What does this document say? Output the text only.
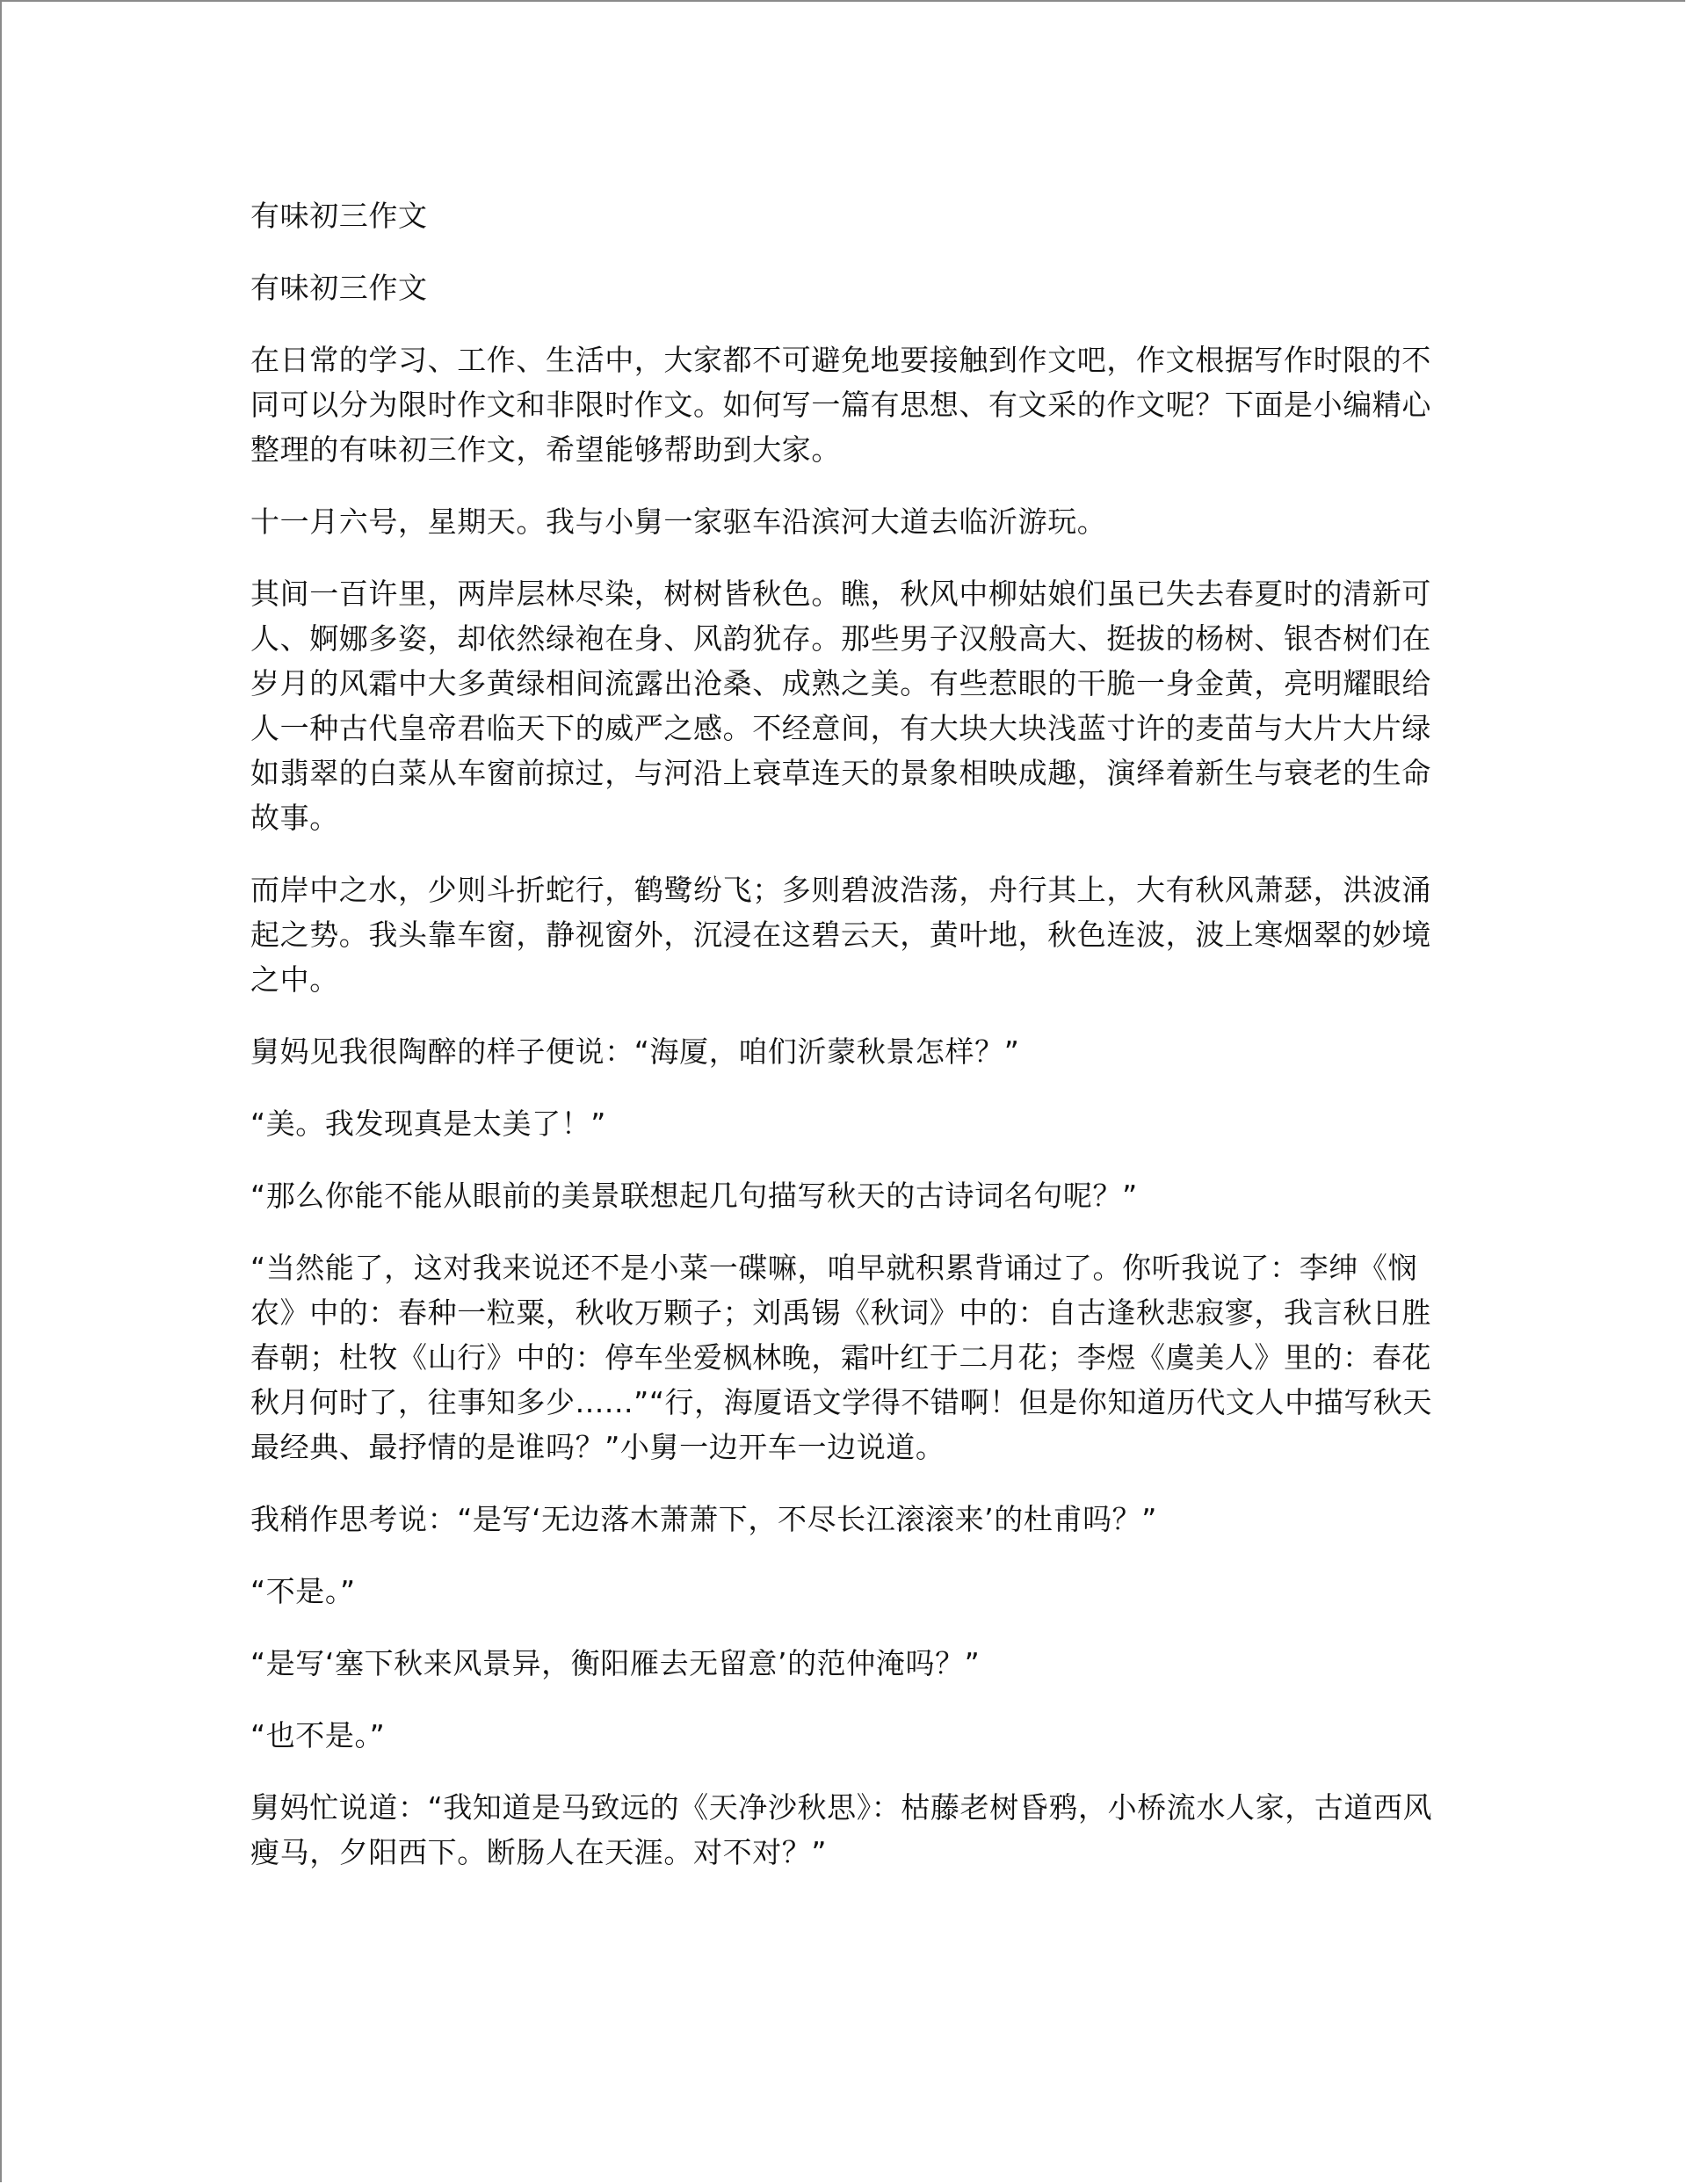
有味初三作文

有味初三作文

在日常的学习、工作、生活中，大家都不可避免地要接触到作文吧，作文根据写作时限的不同可以分为限时作文和非限时作文。如何写一篇有思想、有文采的作文呢？下面是小编精心整理的有味初三作文，希望能够帮助到大家。

十一月六号，星期天。我与小舅一家驱车沿滨河大道去临沂游玩。

其间一百许里，两岸层林尽染，树树皆秋色。瞧，秋风中柳姑娘们虽已失去春夏时的清新可人、婀娜多姿，却依然绿袍在身、风韵犹存。那些男子汉般高大、挺拔的杨树、银杏树们在岁月的风霜中大多黄绿相间流露出沧桑、成熟之美。有些惹眼的干脆一身金黄，亮明耀眼给人一种古代皇帝君临天下的威严之感。不经意间，有大块大块浅蓝寸许的麦苗与大片大片绿如翡翠的白菜从车窗前掠过，与河沿上衰草连天的景象相映成趣，演绎着新生与衰老的生命故事。

而岸中之水，少则斗折蛇行，鹤鹭纷飞；多则碧波浩荡，舟行其上，大有秋风萧瑟，洪波涌起之势。我头靠车窗，静视窗外，沉浸在这碧云天，黄叶地，秋色连波，波上寒烟翠的妙境之中。

舅妈见我很陶醉的样子便说：“海厦，咱们沂蒙秋景怎样？”

“美。我发现真是太美了！”

“那么你能不能从眼前的美景联想起几句描写秋天的古诗词名句呢？”

“当然能了，这对我来说还不是小菜一碟嘛，咱早就积累背诵过了。你听我说了：李绅《悯农》中的：春种一粒粟，秋收万颗子；刘禹锡《秋词》中的：自古逢秋悲寂寥，我言秋日胜春朝；杜牧《山行》中的：停车坐爱枫林晚，霜叶红于二月花；李煜《虞美人》里的：春花秋月何时了，往事知多少......”“行，海厦语文学得不错啊！但是你知道历代文人中描写秋天最经典、最抒情的是谁吗？”小舅一边开车一边说道。

我稍作思考说：“是写‘无边落木萧萧下，不尽长江滚滚来’的杜甫吗？”

“不是。”

“是写‘塞下秋来风景异，衡阳雁去无留意’的范仲淹吗？”

“也不是。”

舅妈忙说道：“我知道是马致远的《天净沙秋思》：枯藤老树昏鸦，小桥流水人家，古道西风瘦马，夕阳西下。断肠人在天涯。对不对？”
